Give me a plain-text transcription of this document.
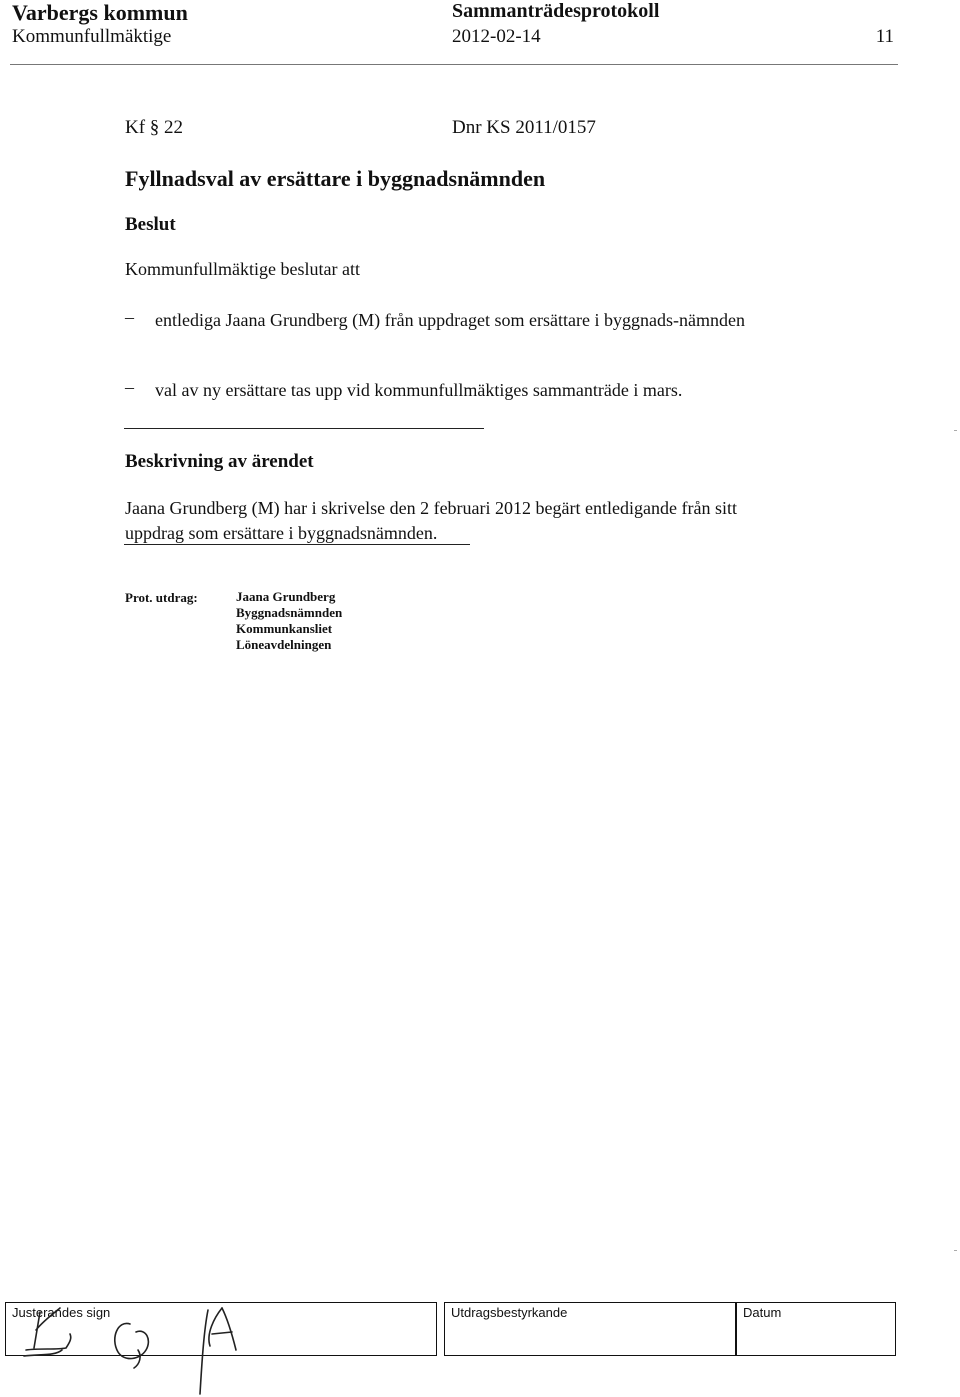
Varbergs kommun
Kommunfullmäktige
Sammanträdesprotokoll
2012-02-14	11
Kf § 22	Dnr KS 2011/0157
Fyllnadsval av ersättare i byggnadsnämnden
Beslut
Kommunfullmäktige beslutar att
– entlediga Jaana Grundberg (M) från uppdraget som ersättare i byggnads-nämnden
– val av ny ersättare tas upp vid kommunfullmäktiges sammanträde i mars.
Beskrivning av ärendet
Jaana Grundberg (M) har i skrivelse den 2 februari 2012 begärt entledigande från sitt uppdrag som ersättare i byggnadsnämnden.
Prot. utdrag:	Jaana Grundberg
Byggnadsnämnden
Kommunkansliet
Löneavdelningen
Justerandes sign	Utdragsbestyrkande	Datum
